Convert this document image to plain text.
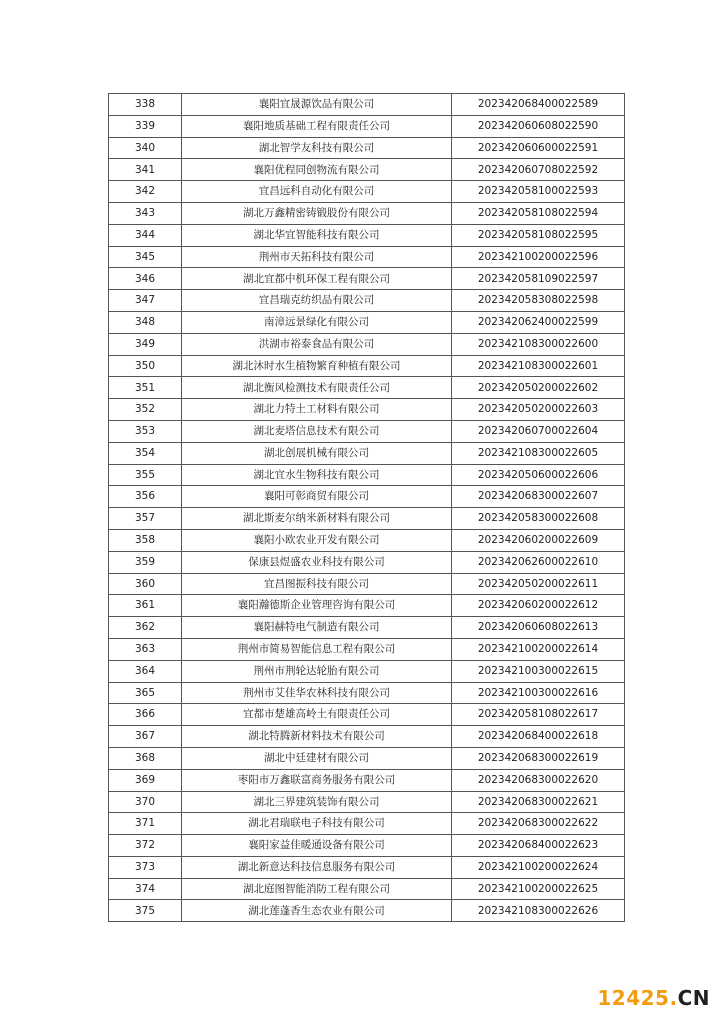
338	襄阳宜晟源饮品有限公司	20234206840002​2589
339	襄阳地质基础工程有限责任公司	202342060608022590
340	湖北智学友科技有限公司	202342060600022591
341	襄阳优程同创物流有限公司	202342060708022592
342	宜昌远科自动化有限公司	202342058100022593
343	湖北万鑫精密铸锻股份有限公司	202342058108022594
344	湖北华宜智能科技有限公司	202342058108022595
345	荆州市天拓科技有限公司	202342100200022596
346	湖北宜都中机环保工程有限公司	202342058109022597
347	宜昌瑞克纺织品有限公司	202342058308022598
348	南漳远景绿化有限公司	202342062400022599
349	洪湖市裕泰食品有限公司	202342108300022600
350	湖北沐时水生植物繁育种植有限公司	202342108300022601
351	湖北衡风检测技术有限责任公司	202342050200022602
352	湖北力特土工材料有限公司	202342050200022603
353	湖北麦塔信息技术有限公司	202342060700022604
354	湖北创展机械有限公司	202342108300022605
355	湖北宜水生物科技有限公司	202342050600022606
356	襄阳可彰商贸有限公司	202342068300022607
357	湖北斯麦尔纳米新材料有限公司	202342058300022608
358	襄阳小欧农业开发有限公司	202342060200022609
359	保康县煜盛农业科技有限公司	202342062600022610
360	宜昌图振科技有限公司	202342050200022611
361	襄阳瀚德斯企业管理咨询有限公司	202342060200022612
362	襄阳赫特电气制造有限公司	202342060608022613
363	荆州市简易智能信息工程有限公司	202342100200022614
364	荆州市荆轮达轮胎有限公司	202342100300022615
365	荆州市艾佳华农林科技有限公司	202342100300022616
366	宜都市楚雄高岭土有限责任公司	202342058108022617
367	湖北特腾新材料技术有限公司	202342068400022618
368	湖北中廷建材有限公司	202342068300022619
369	枣阳市万鑫联富商务服务有限公司	202342068300022620
370	湖北三界建筑装饰有限公司	202342068300022621
371	湖北君瑞联电子科技有限公司	202342068300022622
372	襄阳家益佳暖通设备有限公司	202342068400022623
373	湖北新意达科技信息服务有限公司	202342100200022624
374	湖北庭图智能消防工程有限公司	202342100200022625
375	湖北莲蓬香生态农业有限公司	202342108300022626
12425.CN
